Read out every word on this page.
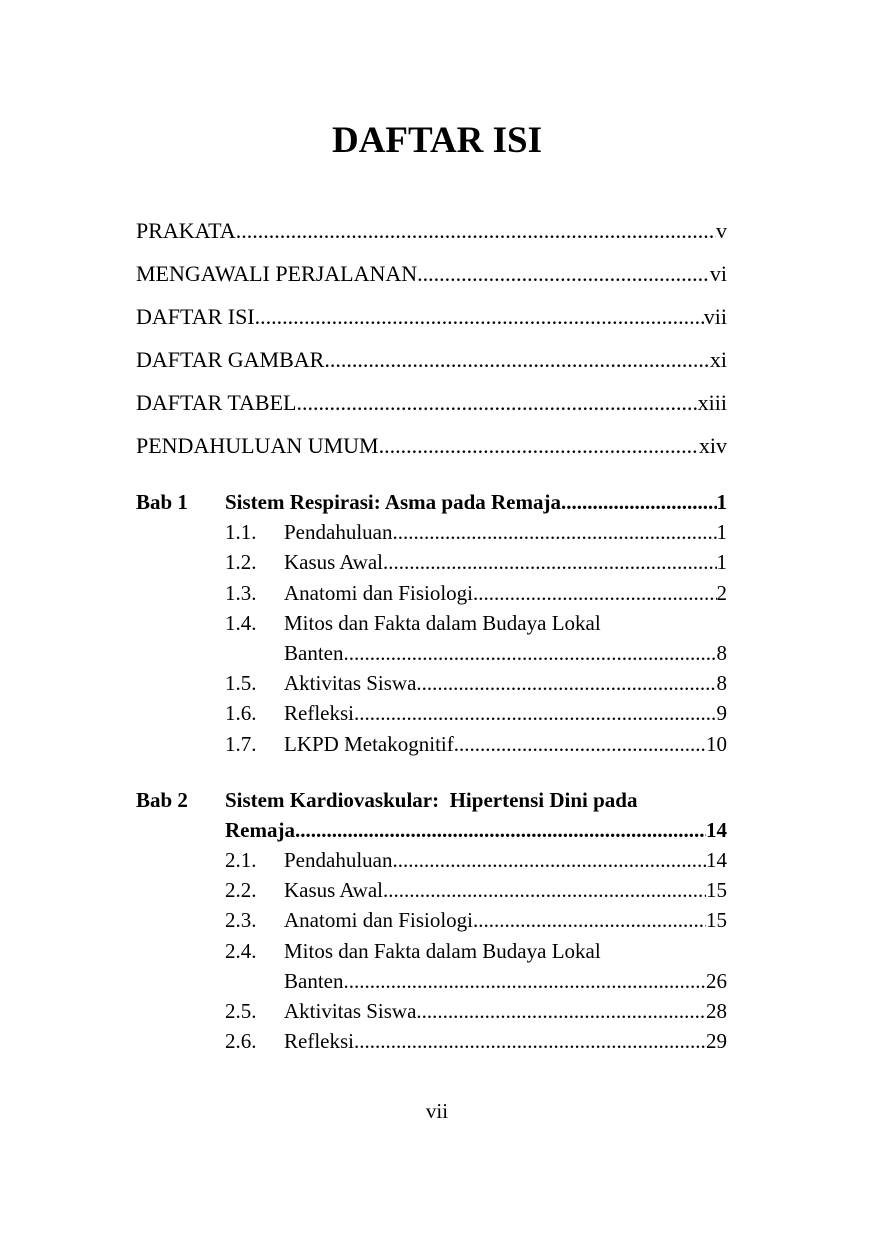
DAFTAR ISI
PRAKATA .....	v
MENGAWALI PERJALANAN .....	vi
DAFTAR ISI .....	vii
DAFTAR GAMBAR .....	xi
DAFTAR TABEL .....	xiii
PENDAHULUAN UMUM .....	xiv
Bab 1 Sistem Respirasi: Asma pada Remaja .....	1
1.1. Pendahuluan .....	1
1.2. Kasus Awal .....	1
1.3. Anatomi dan Fisiologi .....	2
1.4. Mitos dan Fakta dalam Budaya Lokal
Banten .....	8
1.5. Aktivitas Siswa .....	8
1.6. Refleksi .....	9
1.7. LKPD Metakognitif .....	10
Bab 2 Sistem Kardiovaskular:  Hipertensi Dini pada
Remaja .....	14
2.1. Pendahuluan .....	14
2.2. Kasus Awal .....	15
2.3. Anatomi dan Fisiologi .....	15
2.4. Mitos dan Fakta dalam Budaya Lokal
Banten .....	26
2.5. Aktivitas Siswa .....	28
2.6. Refleksi .....	29
vii
